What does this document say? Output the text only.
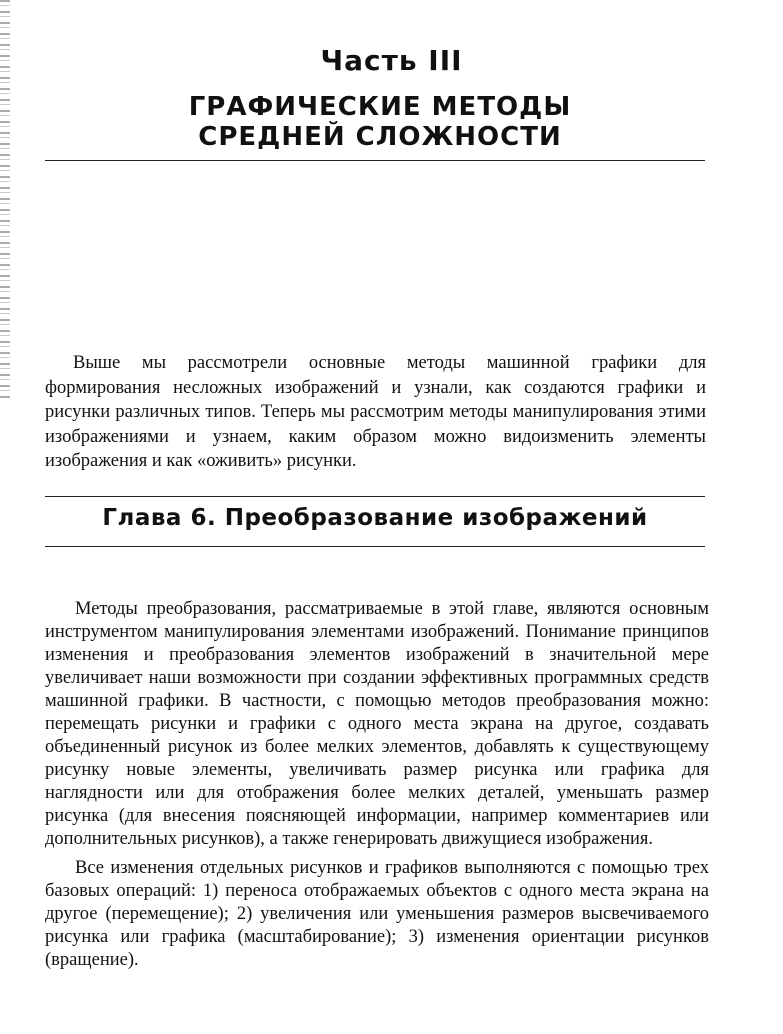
Часть III
ГРАФИЧЕСКИЕ МЕТОДЫ СРЕДНЕЙ СЛОЖНОСТИ

Выше мы рассмотрели основные методы машинной графики для формирования несложных изображений и узнали, как создаются графики и рисунки различных типов. Теперь мы рассмотрим методы манипулирования этими изображениями и узнаем, каким образом можно видоизменить элементы изображения и как «оживить» рисунки.

Глава 6. Преобразование изображений

Методы преобразования, рассматриваемые в этой главе, являются основным инструментом манипулирования элементами изображений. Понимание принципов изменения и преобразования элементов изображений в значительной мере увеличивает наши возможности при создании эффективных программных средств машинной графики. В частности, с помощью методов преобразования можно: перемещать рисунки и графики с одного места экрана на другое, создавать объединенный рисунок из более мелких элементов, добавлять к существующему рисунку новые элементы, увеличивать размер рисунка или графика для наглядности или для отображения более мелких деталей, уменьшать размер рисунка (для внесения поясняющей информации, например комментариев или дополнительных рисунков), а также генерировать движущиеся изображения.

Все изменения отдельных рисунков и графиков выполняются с помощью трех базовых операций: 1) переноса отображаемых объектов с одного места экрана на другое (перемещение); 2) увеличения или уменьшения размеров высвечиваемого рисунка или графика (масштабирование); 3) изменения ориентации рисунков (вращение).
